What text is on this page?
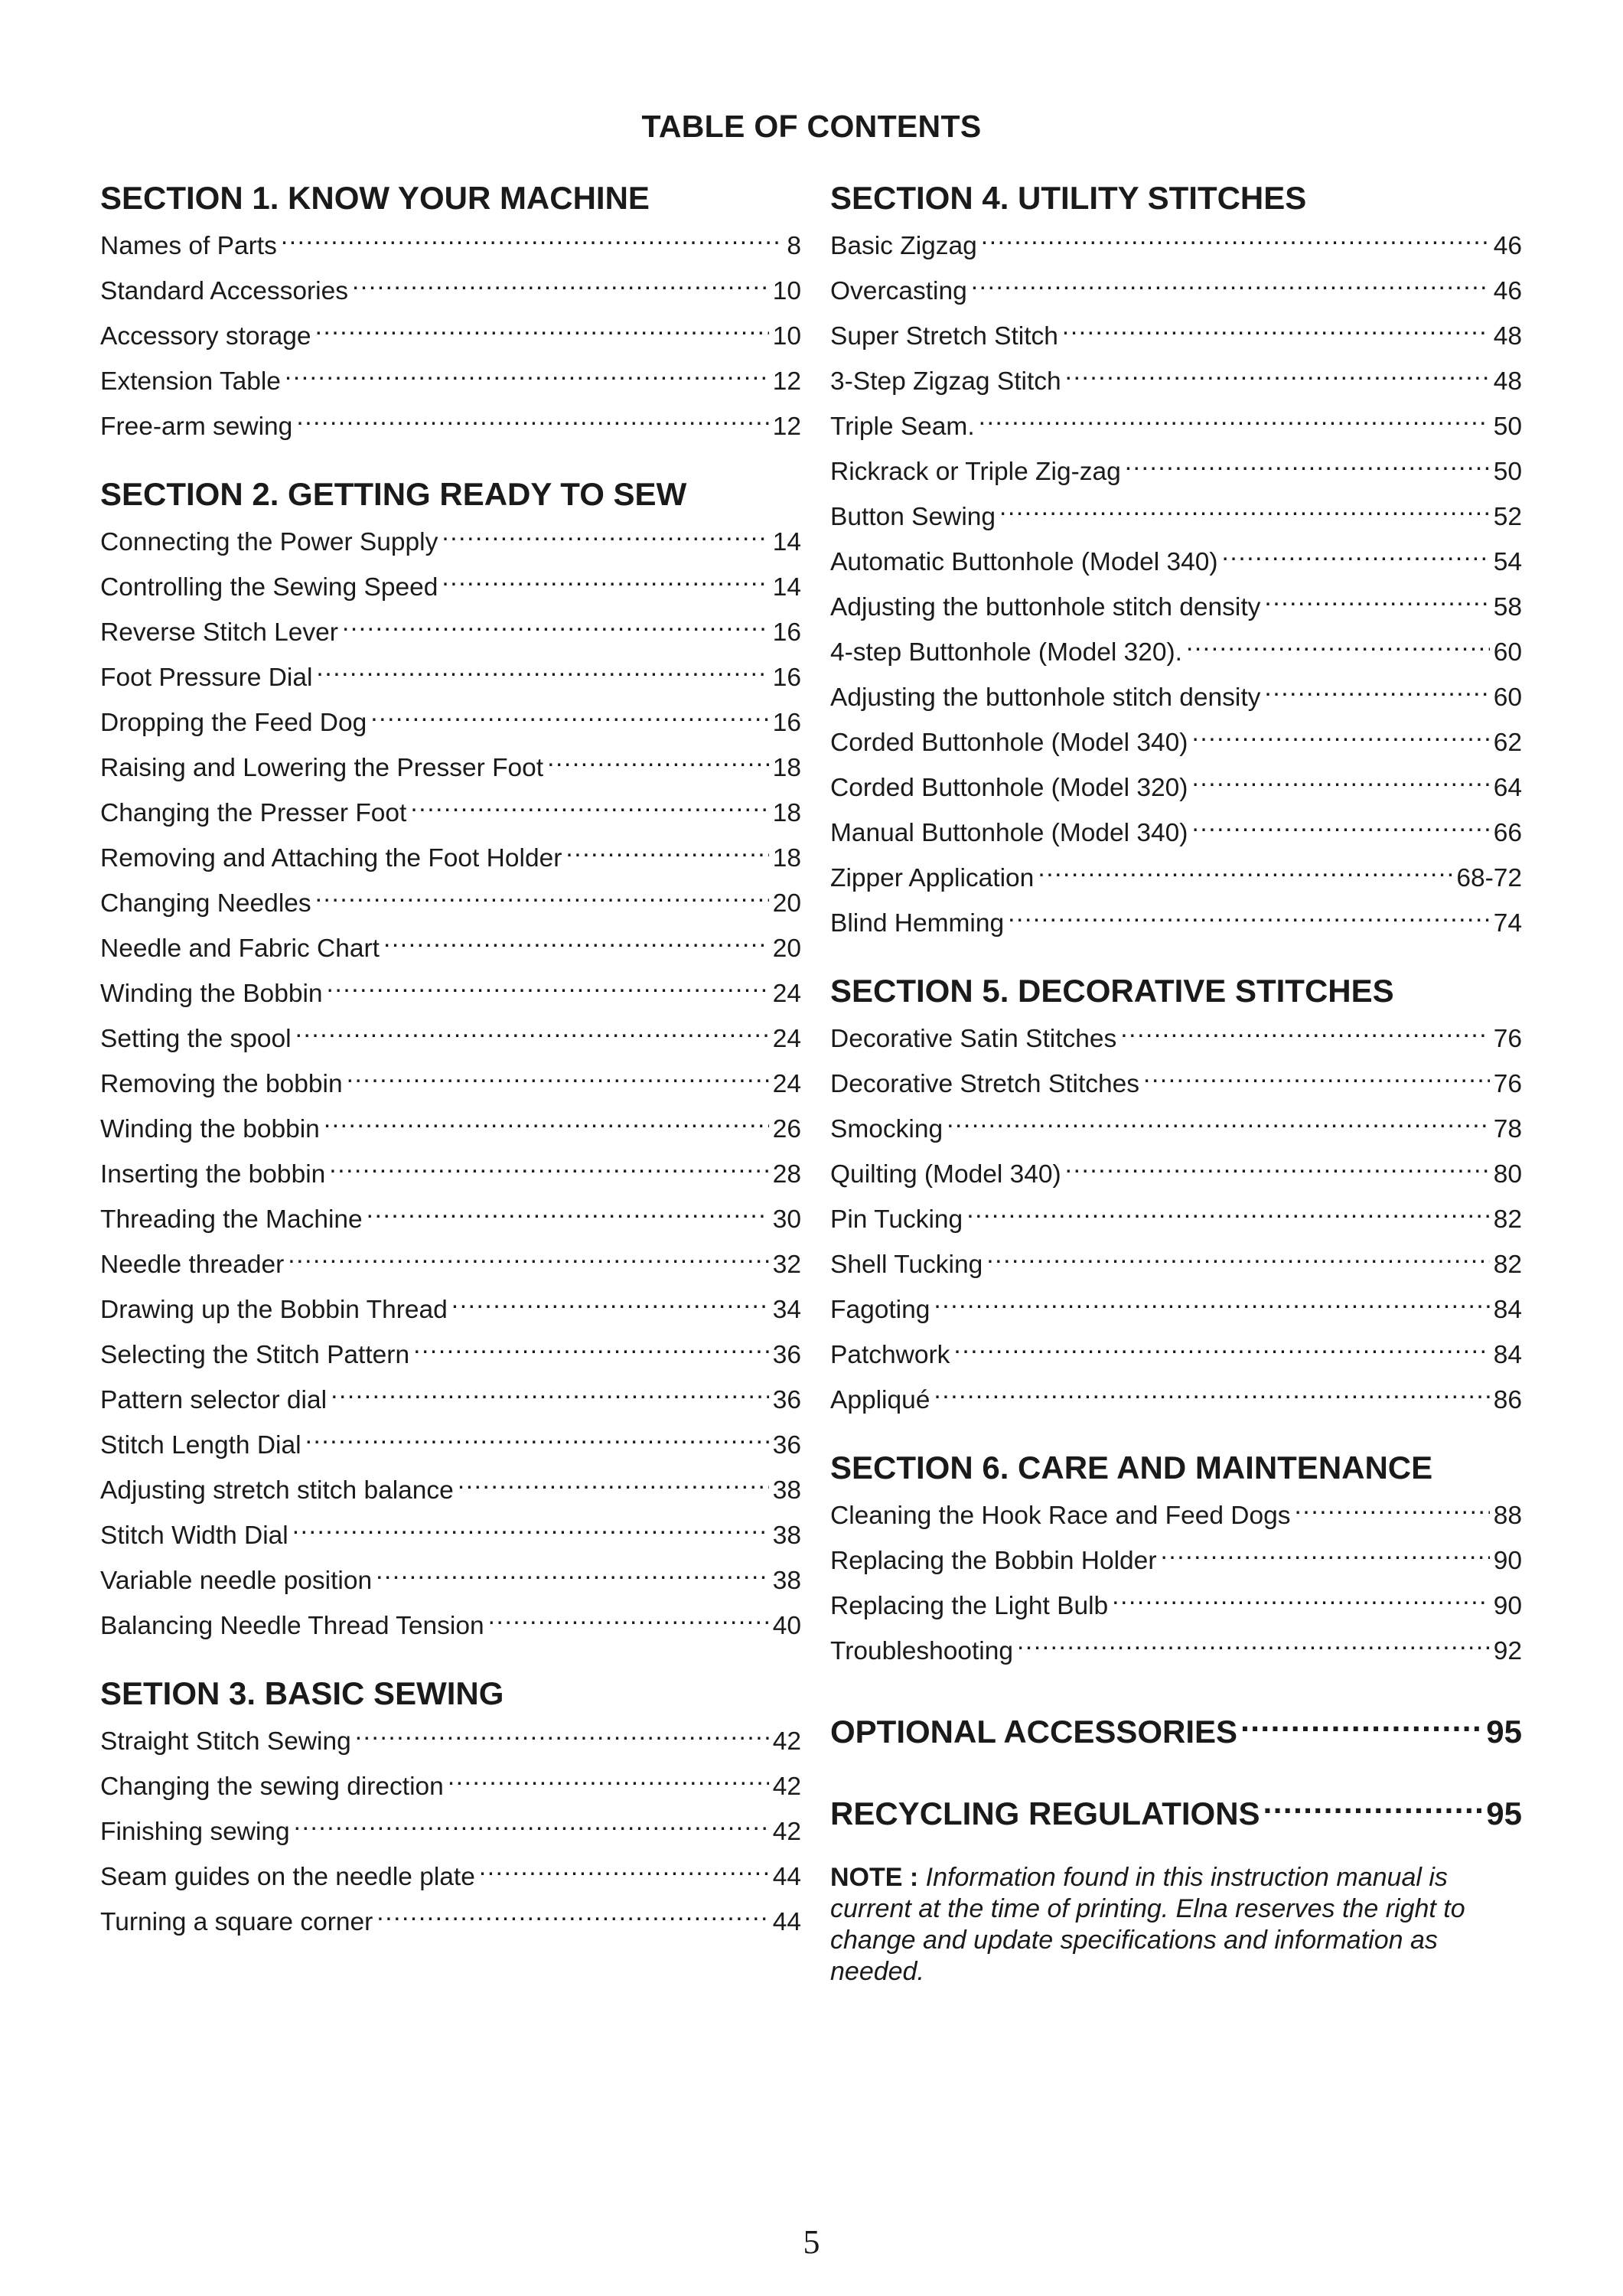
TABLE OF CONTENTS
SECTION 1. KNOW YOUR MACHINE
Names of Parts .....	8
Standard Accessories .....	10
Accessory storage .....	10
Extension Table .....	12
Free-arm sewing .....	12
SECTION 2. GETTING READY TO SEW
Connecting the Power Supply .....	14
Controlling the Sewing Speed .....	14
Reverse Stitch Lever .....	16
Foot Pressure Dial .....	16
Dropping the Feed Dog .....	16
Raising and Lowering the Presser Foot .....	18
Changing the Presser Foot .....	18
Removing and Attaching the Foot Holder .....	18
Changing Needles .....	20
Needle and Fabric Chart .....	20
Winding the Bobbin .....	24
Setting the spool .....	24
Removing the bobbin .....	24
Winding the bobbin .....	26
Inserting the bobbin .....	28
Threading the Machine .....	30
Needle threader .....	32
Drawing up the Bobbin Thread .....	34
Selecting the Stitch Pattern .....	36
Pattern selector dial .....	36
Stitch Length Dial .....	36
Adjusting stretch stitch balance .....	38
Stitch Width Dial .....	38
Variable needle position .....	38
Balancing Needle Thread Tension .....	40
SETION 3. BASIC SEWING
Straight Stitch Sewing .....	42
Changing the sewing direction .....	42
Finishing sewing .....	42
Seam guides on the needle plate .....	44
Turning a square corner .....	44
SECTION 4. UTILITY STITCHES
Basic Zigzag .....	46
Overcasting .....	46
Super Stretch Stitch .....	48
3-Step Zigzag Stitch .....	48
Triple Seam. .....	50
Rickrack or Triple Zig-zag .....	50
Button Sewing .....	52
Automatic Buttonhole (Model 340) .....	54
Adjusting the buttonhole stitch density .....	58
4-step Buttonhole (Model 320). .....	60
Adjusting the buttonhole stitch density .....	60
Corded Buttonhole (Model 340) .....	62
Corded Buttonhole (Model 320) .....	64
Manual Buttonhole (Model 340) .....	66
Zipper Application .....	68-72
Blind Hemming .....	74
SECTION 5. DECORATIVE STITCHES
Decorative Satin Stitches .....	76
Decorative Stretch Stitches .....	76
Smocking .....	78
Quilting (Model 340) .....	80
Pin Tucking .....	82
Shell Tucking .....	82
Fagoting .....	84
Patchwork .....	84
Appliqué .....	86
SECTION 6. CARE AND MAINTENANCE
Cleaning the Hook Race and Feed Dogs .....	88
Replacing the Bobbin Holder .....	90
Replacing the Light Bulb .....	90
Troubleshooting .....	92
OPTIONAL ACCESSORIES .....	95
RECYCLING REGULATIONS .....	95
NOTE : Information found in this instruction manual is current at the time of printing. Elna reserves the right to change and update specifications and information as needed.
5
